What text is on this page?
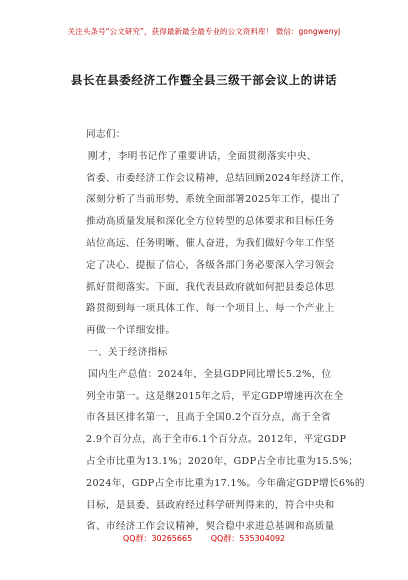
关注头条号“公文研究”，获得最新最全最专业的公文资料库！ 微信：gongwenyj
县长在县委经济工作暨全县三级干部会议上的讲话
同志们：
刚才，李明书记作了重要讲话，全面贯彻落实中央、
省委、市委经济工作会议精神，总结回顾2024年经济工作，
深刻分析了当前形势，系统全面部署2025年工作，提出了
推动高质量发展和深化全方位转型的总体要求和目标任务
站位高远、任务明晰、催人奋进，为我们做好今年工作坚
定了决心、提振了信心，各级各部门务必要深入学习领会
抓好贯彻落实。下面，我代表县政府就如何把县委总体思
路贯彻到每一项具体工作、每一个项目上、每一个产业上
再做一个详细安排。
一、关于经济指标
国内生产总值：2024年，全县GDP同比增长5.2%，位
列全市第一。这是继2015年之后，平定GDP增速再次在全
市各县区排名第一，且高于全国0.2个百分点，高于全省
2.9个百分点，高于全市6.1个百分点。2012年，平定GDP
占全市比重为13.1%；2020年，GDP占全市比重为15.5%；
2024年，GDP占全市比重为17.1%。今年确定GDP增长6%的
目标，是县委、县政府经过科学研判得来的，符合中央和
省、市经济工作会议精神，契合稳中求进总基调和高质量
QQ群：30265665 QQ群：535304092
